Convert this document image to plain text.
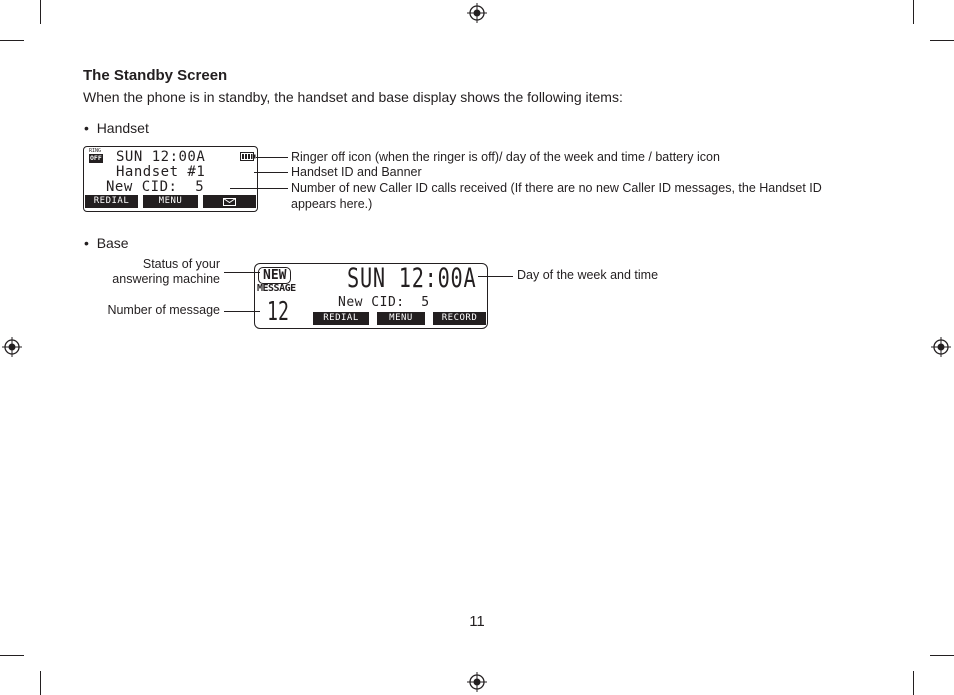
The Standby Screen
When the phone is in standby, the handset and base display shows the following items:
•  Handset
RING
OFF SUN 12:00A
Handset #1
New CID:  5
REDIAL	MENU
Ringer off icon (when the ringer is off)/ day of the week and time / battery icon
Handset ID and Banner
Number of new Caller ID calls received (If there are no new Caller ID messages, the Handset ID
appears here.)
•  Base
NEW
MESSAGE SUN 12:00A
12	New CID:  5
REDIAL	MENU	RECORD
Status of your
answering machine
Number of message
Day of the week and time
11
